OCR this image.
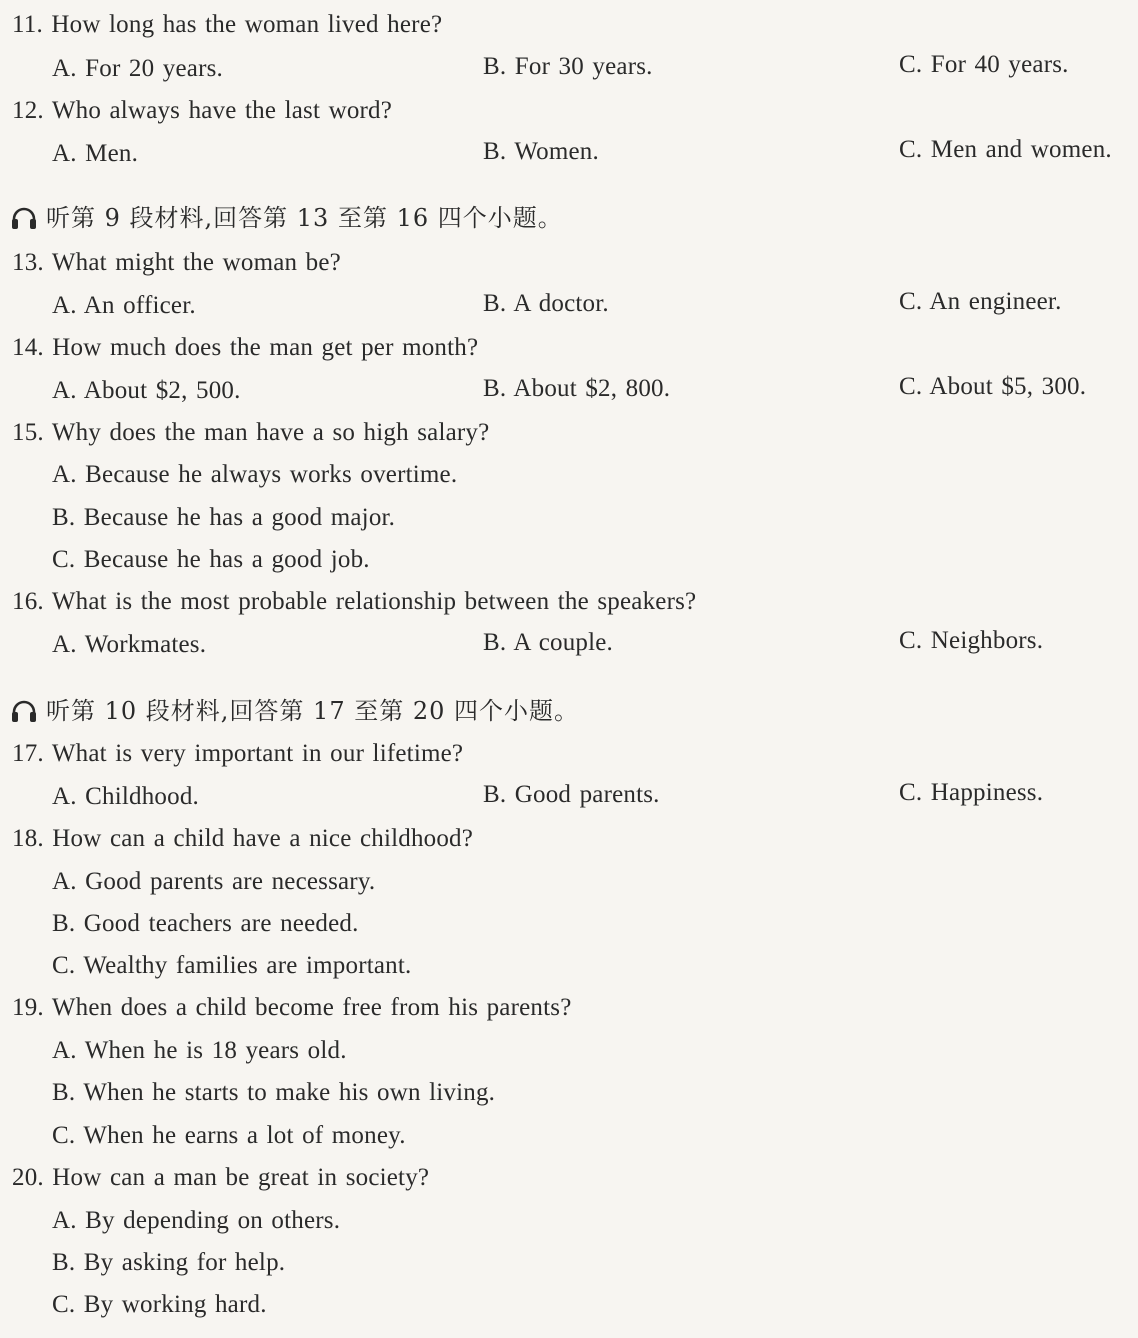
11. How long has the woman lived here?
A. For 20 years.	B. For 30 years.	C. For 40 years.
12. Who always have the last word?
A. Men.	B. Women.	C. Men and women.
听第 9 段材料,回答第 13 至第 16 四个小题。
13. What might the woman be?
A. An officer.	B. A doctor.	C. An engineer.
14. How much does the man get per month?
A. About $2, 500.	B. About $2, 800.	C. About $5, 300.
15. Why does the man have a so high salary?
A. Because he always works overtime.
B. Because he has a good major.
C. Because he has a good job.
16. What is the most probable relationship between the speakers?
A. Workmates.	B. A couple.	C. Neighbors.
听第 10 段材料,回答第 17 至第 20 四个小题。
17. What is very important in our lifetime?
A. Childhood.	B. Good parents.	C. Happiness.
18. How can a child have a nice childhood?
A. Good parents are necessary.
B. Good teachers are needed.
C. Wealthy families are important.
19. When does a child become free from his parents?
A. When he is 18 years old.
B. When he starts to make his own living.
C. When he earns a lot of money.
20. How can a man be great in society?
A. By depending on others.
B. By asking for help.
C. By working hard.
